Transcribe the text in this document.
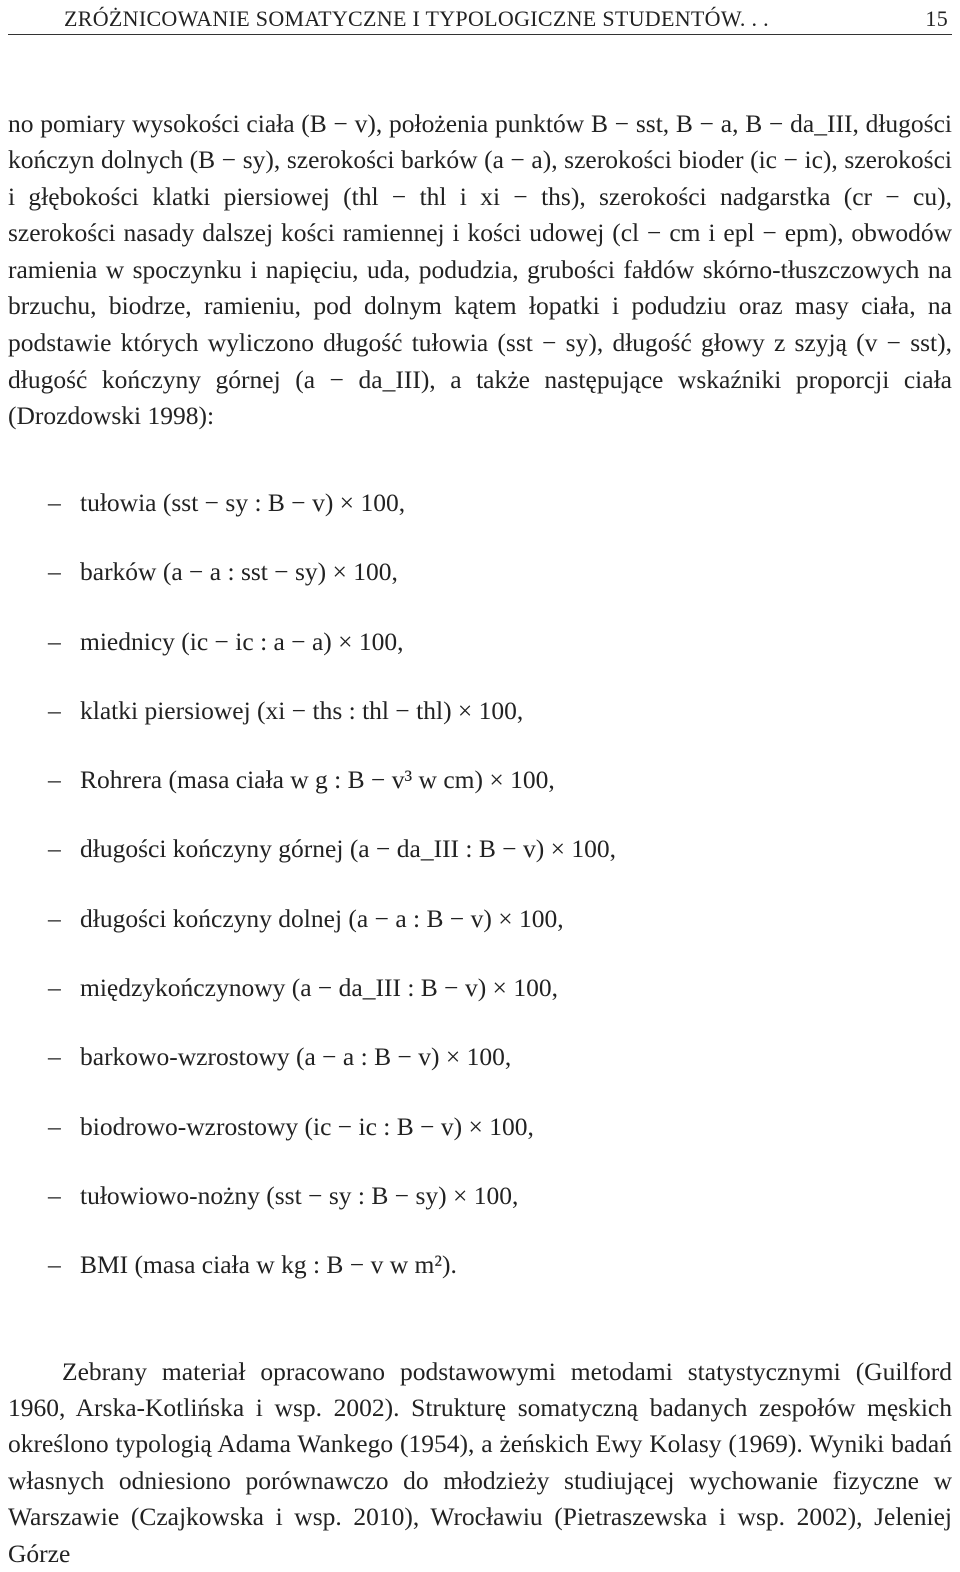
ZRÓŻNICOWANIE SOMATYCZNE I TYPOLOGICZNE STUDENTÓW. . .	15

no pomiary wysokości ciała (B − v), położenia punktów B − sst, B − a, B − da_III, długości kończyn dolnych (B − sy), szerokości barków (a − a), szerokości bioder (ic − ic), szerokości i głębokości klatki piersiowej (thl − thl i xi − ths), szerokości nadgarstka (cr − cu), szerokości nasady dalszej kości ramiennej i kości udowej (cl − cm i epl − epm), obwodów ramienia w spoczynku i napięciu, uda, podudzia, grubości fałdów skórno-tłuszczowych na brzuchu, biodrze, ramieniu, pod dolnym kątem łopatki i podudziu oraz masy ciała, na podstawie których wyliczono długość tułowia (sst − sy), długość głowy z szyją (v − sst), długość kończyny górnej (a − da_III), a także następujące wskaźniki proporcji ciała (Drozdowski 1998):

– tułowia (sst − sy : B − v) × 100,
– barków (a − a : sst − sy) × 100,
– miednicy (ic − ic : a − a) × 100,
– klatki piersiowej (xi − ths : thl − thl) × 100,
– Rohrera (masa ciała w g : B − v³ w cm) × 100,
– długości kończyny górnej (a − da_III : B − v) × 100,
– długości kończyny dolnej (a − a : B − v) × 100,
– międzykończynowy (a − da_III : B − v) × 100,
– barkowo-wzrostowy (a − a : B − v) × 100,
– biodrowo-wzrostowy (ic − ic : B − v) × 100,
– tułowiowo-nożny (sst − sy : B − sy) × 100,
– BMI (masa ciała w kg : B − v w m²).

Zebrany materiał opracowano podstawowymi metodami statystycznymi (Guilford 1960, Arska-Kotlińska i wsp. 2002). Strukturę somatyczną badanych zespołów męskich określono typologią Adama Wankego (1954), a żeńskich Ewy Kolasy (1969). Wyniki badań własnych odniesiono porównawczo do młodzieży studiującej wychowanie fizyczne w Warszawie (Czajkowska i wsp. 2010), Wrocławiu (Pietraszewska i wsp. 2002), Jeleniej Górze
